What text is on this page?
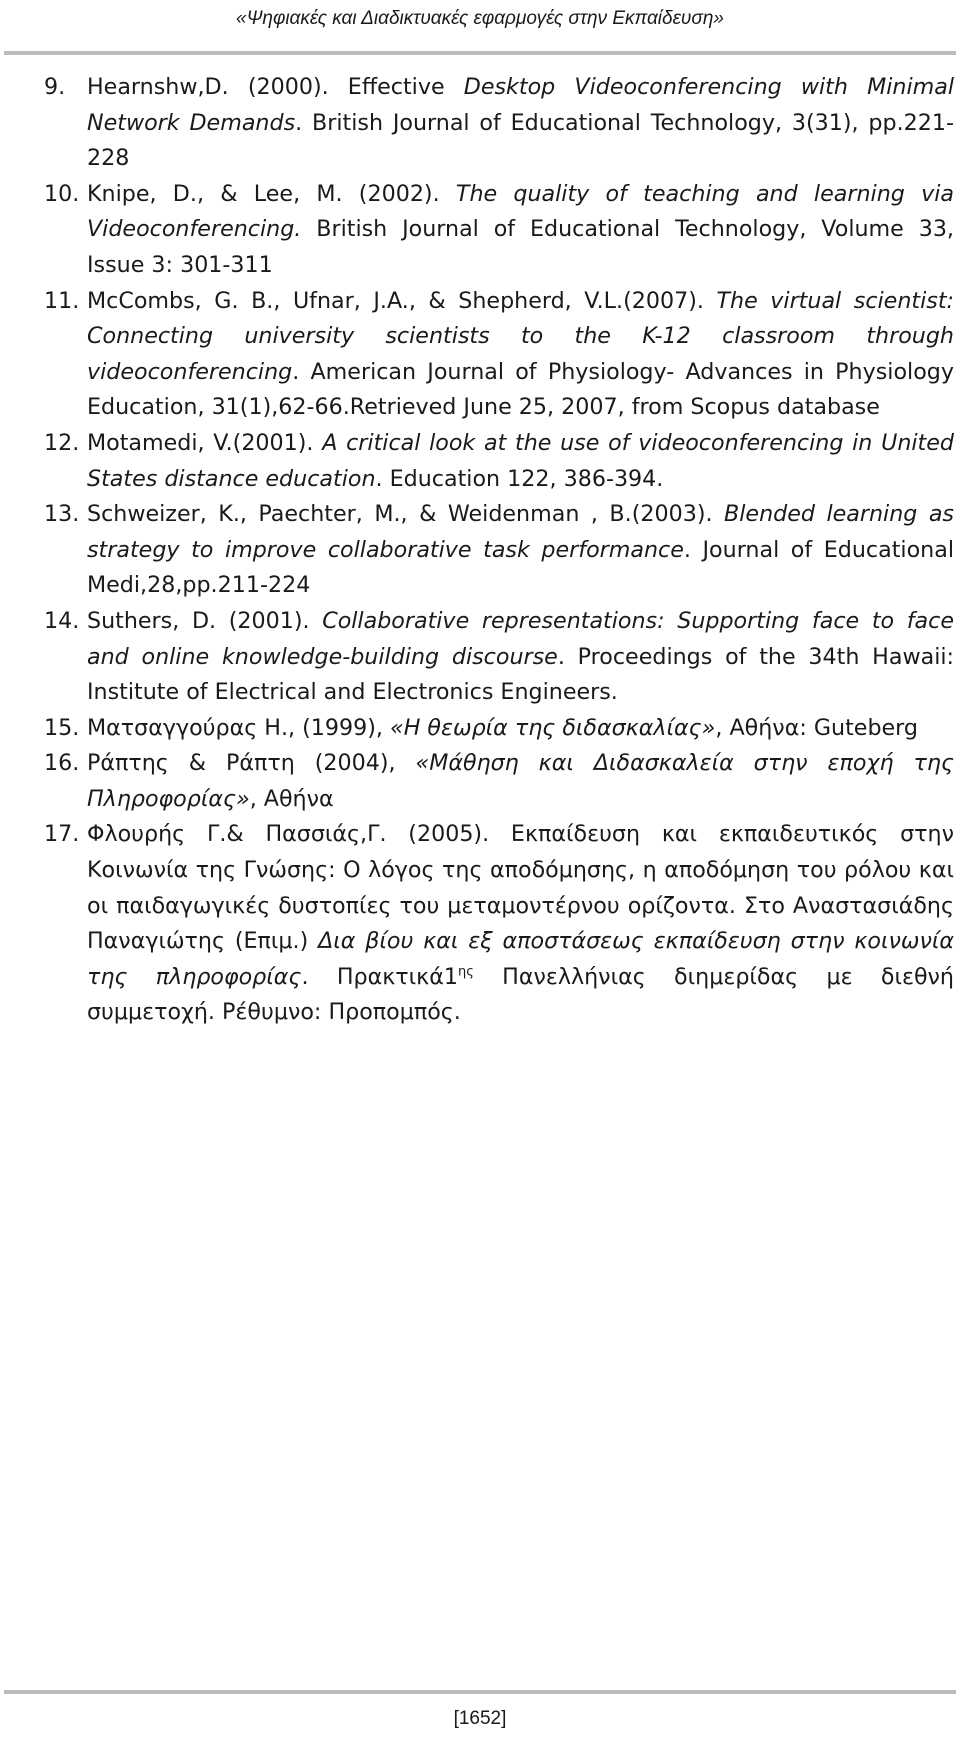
«Ψηφιακές και Διαδικτυακές εφαρμογές στην Εκπαίδευση»
9. Hearnshw,D. (2000). Effective Desktop Videoconferencing with Minimal Network Demands. British Journal of Educational Technology, 3(31), pp.221-228
10. Knipe, D., & Lee, M. (2002). The quality of teaching and learning via Videoconferencing. British Journal of Educational Technology, Volume 33, Issue 3: 301-311
11. McCombs, G. B., Ufnar, J.A., & Shepherd, V.L.(2007). The virtual scientist: Connecting university scientists to the K-12 classroom through videoconferencing. American Journal of Physiology- Advances in Physiology Education, 31(1),62-66.Retrieved June 25, 2007, from Scopus database
12. Motamedi, V.(2001). A critical look at the use of videoconferencing in United States distance education. Education 122, 386-394.
13. Schweizer, K., Paechter, M., & Weidenman , B.(2003). Blended learning as strategy to improve collaborative task performance. Journal of Educational Medi,28,pp.211-224
14. Suthers, D. (2001). Collaborative representations: Supporting face to face and online knowledge-building discourse. Proceedings of the 34th Hawaii: Institute of Electrical and Electronics Engineers.
15. Ματσαγγούρας Η., (1999), «Η θεωρία της διδασκαλίας», Αθήνα: Guteberg
16. Ράπτης & Ράπτη (2004), «Μάθηση και Διδασκαλεία στην εποχή της Πληροφορίας», Αθήνα
17. Φλουρής Γ.& Πασσιάς,Γ. (2005). Εκπαίδευση και εκπαιδευτικός στην Κοινωνία της Γνώσης: Ο λόγος της αποδόμησης, η αποδόμηση του ρόλου και οι παιδαγωγικές δυστοπίες του μεταμοντέρνου ορίζοντα. Στο Αναστασιάδης Παναγιώτης (Επιμ.) Δια βίου και εξ αποστάσεως εκπαίδευση στην κοινωνία της πληροφορίας. $\Pi\rho\alpha\kappa\tau\iota\kappa ά1^{\eta\varsigma}$ Πανελλήνιας διημερίδας με διεθνή συμμετοχή. Ρέθυμνο: Προπομπός.
[1652]
